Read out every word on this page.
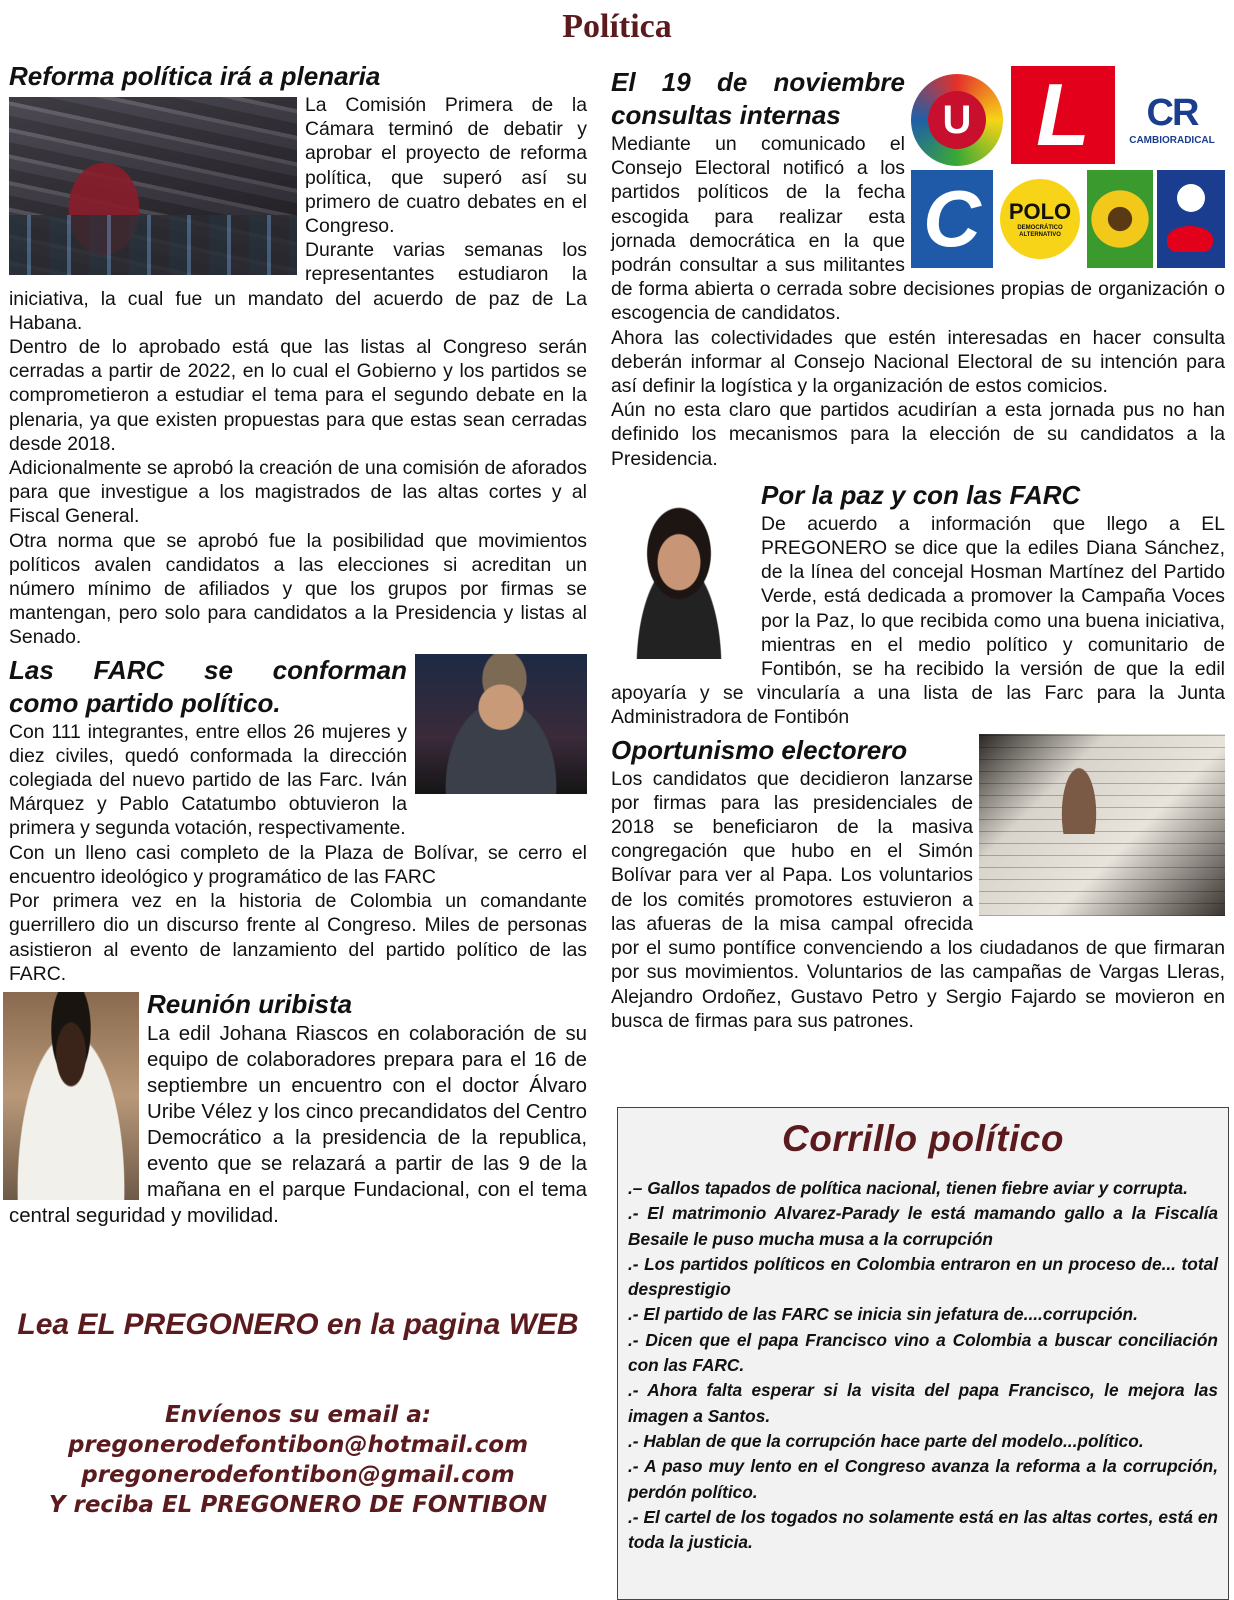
Política
Reforma política irá a plenaria

La Comisión Primera de la Cámara terminó de debatir y aprobar el proyecto de reforma política, que superó así su primero de cuatro debates en el Congreso.

Durante varias semanas los representantes estudiaron la iniciativa, la cual fue un mandato del acuerdo de paz de La Habana.

Dentro de lo aprobado está que las listas al Congreso serán cerradas a partir de 2022, en lo cual el Gobierno y los partidos se comprometieron a estudiar el tema para el segundo debate en la plenaria, ya que existen propuestas para que estas sean cerradas desde 2018.

Adicionalmente se aprobó la creación de una comisión de aforados para que investigue a los magistrados de las altas cortes y al Fiscal General.

Otra norma que se aprobó fue la posibilidad que movimientos políticos avalen candidatos a las elecciones si acreditan un número mínimo de afiliados y que los grupos por firmas se mantengan, pero solo para candidatos a la Presidencia y listas al Senado.

Las FARC se conforman
como partido político.

Con 111 integrantes, entre ellos 26 mujeres y diez civiles, quedó conformada la dirección colegiada del nuevo partido de las Farc. Iván Márquez y Pablo Catatumbo obtuvieron la primera y segunda votación, respectivamente.

Con un lleno casi completo de la Plaza de Bolívar, se cerro el encuentro ideológico y programático de las FARC

Por primera vez en la historia de Colombia un comandante guerrillero dio un discurso frente al Congreso. Miles de personas asistieron al evento de lanzamiento del partido político de las FARC.

Reunión uribista

La edil Johana Riascos en colaboración de su equipo de colaboradores prepara para el 16 de septiembre un encuentro con el doctor Álvaro Uribe Vélez y los cinco precandidatos del Centro Democrático a la presidencia de la republica, evento que se relazará a partir de las 9 de la mañana en el parque Fundacional, con el tema central seguridad y movilidad.

Lea EL PREGONERO en la pagina WEB
Envíenos su email a:
pregonerodefontibon@hotmail.com
pregonerodefontibon@gmail.com
Y reciba EL PREGONERO DE FONTIBON
U L	CR
CAMBIORADICAL
C	POLO
DEMOCRÁTICO ALTERNATIVO
El 19 de noviembre
consultas internas

Mediante un comunicado el Consejo Electoral notificó a los partidos políticos de la fecha escogida para realizar esta jornada democrática en la que podrán consultar a sus militantes de forma abierta o cerrada sobre decisiones propias de organización o escogencia de candidatos.

Ahora las colectividades que estén interesadas en hacer consulta deberán informar al Consejo Nacional Electoral de su intención para así definir la logística y la organización de estos comicios.

Aún no esta claro que partidos acudirían a esta jornada pus no han definido los mecanismos para la elección de su candidatos a la Presidencia.

Por la paz y con las FARC

De acuerdo a información que llego a EL PREGONERO se dice que la ediles Diana Sánchez, de la línea del concejal Hosman Martínez del Partido Verde, está dedicada a promover la Campaña Voces por la Paz, lo que recibida como una buena iniciativa, mientras en el medio político y comunitario de Fontibón, se ha recibido la versión de que la edil apoyaría y se vincularía a una lista de las Farc para la Junta Administradora de Fontibón

Oportunismo electorero

Los candidatos que decidieron lanzarse por firmas para las presidenciales de 2018 se beneficiaron de la masiva congregación que hubo en el Simón Bolívar para ver al Papa. Los voluntarios de los comités promotores estuvieron a las afueras de la misa campal ofrecida por el sumo pontífice convenciendo a los ciudadanos de que firmaran por sus movimientos. Voluntarios de las campañas de Vargas Lleras, Alejandro Ordoñez, Gustavo Petro y Sergio Fajardo se movieron en busca de firmas para sus patrones.

Corrillo político
.– Gallos tapados de política nacional, tienen fiebre aviar y corrupta.
.- El matrimonio Alvarez-Parady le está mamando gallo a la Fiscalía Besaile le puso mucha musa a la corrupción
.- Los partidos políticos en Colombia entraron en un proceso de... total desprestigio
.- El partido de las FARC se inicia sin jefatura de....corrupción.
.- Dicen que el papa Francisco vino a Colombia a buscar conciliación con las FARC.
.- Ahora falta esperar si la visita del papa Francisco, le mejora las imagen a Santos.
.- Hablan de que la corrupción hace parte del modelo...político.
.- A paso muy lento en el Congreso avanza la reforma a la corrupción, perdón político.
.- El cartel de los togados no solamente está en las altas cortes, está en toda la justicia.
